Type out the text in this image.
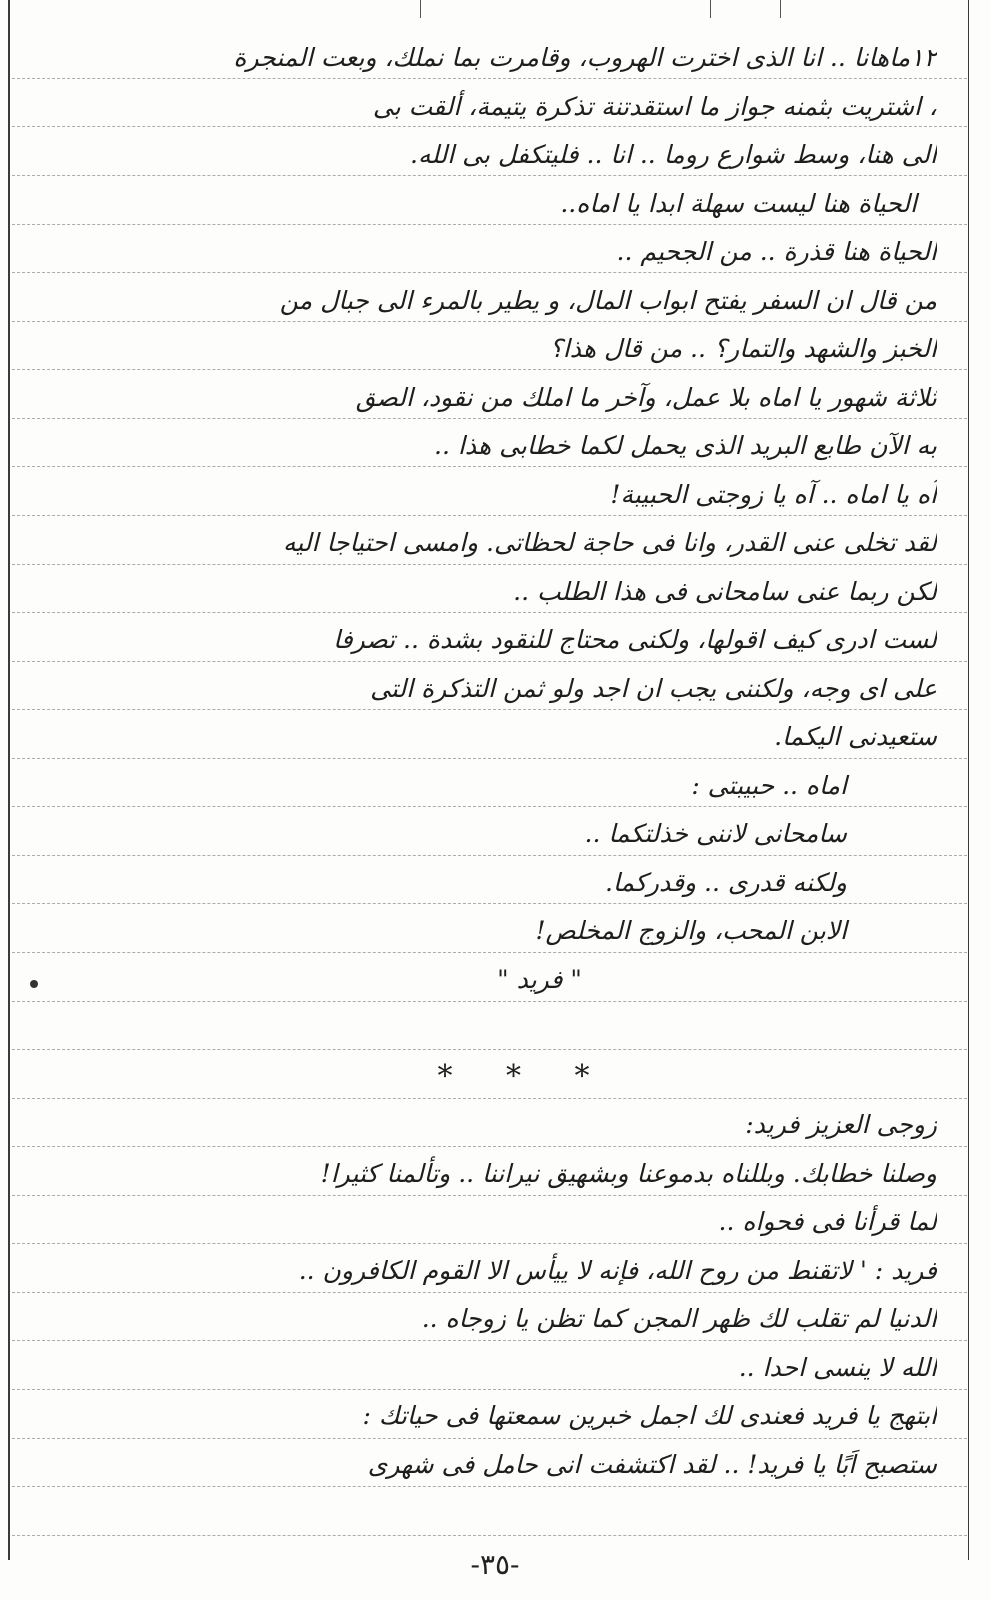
١٢ماهانا .. انا الذى اخترت الهروب، وقامرت بما نملك، وبعت المنجرة
، اشتريت بثمنه جواز ما استقدتنة تذكرة يتيمة، ألقت بى
الى هنا، وسط شوارع روما .. انا .. فليتكفل بى الله.
الحياة هنا ليست سهلة ابدا يا اماه..
الحياة هنا قذرة .. من الجحيم ..
من قال ان السفر يفتح ابواب المال، و يطير بالمرء الى جبال من
الخبز والشهد والتمار؟ .. من قال هذا؟
ثلاثة شهور يا اماه بلا عمل، وآخر ما املك من نقود، الصق
به الآن طابع البريد الذى يحمل لكما خطابى هذا ..
آه يا اماه .. آه يا زوجتى الحبيبة!
لقد تخلى عنى القدر، وانا فى حاجة لحظاتى. وامسى احتياجا اليه
لكن ربما عنى سامحانى فى هذا الطلب ..
لست ادرى كيف اقولها، ولكنى محتاج للنقود بشدة .. تصرفا
على اى وجه، ولكننى يجب ان اجد ولو ثمن التذكرة التى
ستعيدنى اليكما.
اماه .. حبيبتى :
سامحانى لاننى خذلتكما ..
ولكنه قدرى .. وقدركما.
الابن المحب، والزوج المخلص!
" فريد "
* * *
زوجى العزيز فريد:
وصلنا خطابك. وبللناه بدموعنا وبشهيق نيراننا .. وتألمنا كثيرا!
لما قرأنا فى فحواه ..
فريد : ' لاتقنط من روح الله، فإنه لا ييأس الا القوم الكافرون ..
الدنيا لم تقلب لك ظهر المجن كما تظن يا زوجاه ..
الله لا ينسى احدا ..
ابتهج يا فريد فعندى لك اجمل خبرين سمعتها فى حياتك :
ستصبح اَبًا يا فريد! .. لقد اكتشفت انى حامل فى شهرى
-٣٥-
